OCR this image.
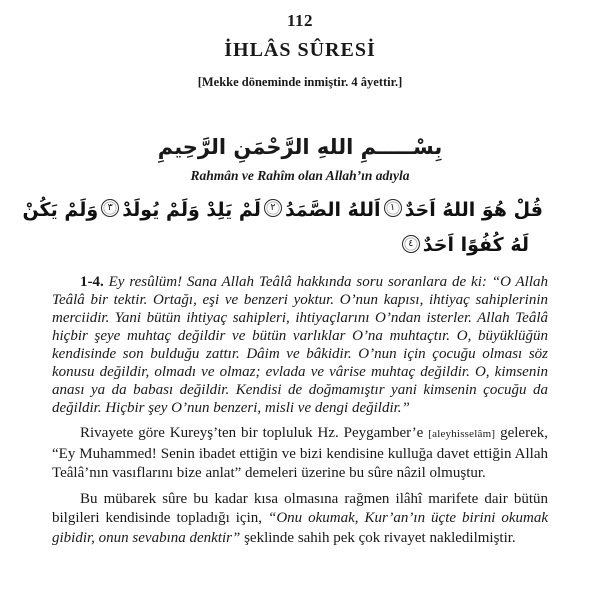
112
İHLÂS SÛRESİ
[Mekke döneminde inmiştir. 4 âyettir.]
بِسْـــــمِ اللهِ الرَّحْمَنِ الرَّحِيمِ
Rahmân ve Rahîm olan Allah’ın adıyla
قُلْ هُوَ اللهُ اَحَدٌ
١
اَللهُ الصَّمَدُ
٢
لَمْ يَلِدْ وَلَمْ يُولَدْ
٣
وَلَمْ يَكُنْ
لَهُ كُفُوًا اَحَدٌ٤

1-4. Ey resûlüm! Sana Allah Teâlâ hakkında soru soranlara de ki: “O Allah Teâlâ bir tektir. Ortağı, eşi ve benzeri yoktur. O’nun kapısı, ihtiyaç sahiplerinin merciidir. Yani bütün ihtiyaç sahipleri, ihtiyaçlarını O’ndan isterler. Allah Teâlâ hiçbir şeye muhtaç değildir ve bütün varlıklar O’na muhtaçtır. O, büyüklüğün kendisinde son bulduğu zattır. Dâim ve bâkidir. O’nun için çocuğu olması söz konusu değildir, olmadı ve olmaz; evlada ve vârise muhtaç değildir. O, kimsenin anası ya da babası değildir. Kendisi de doğmamıştır yani kimsenin çocuğu da değildir. Hiçbir şey O’nun benzeri, misli ve dengi değildir.”

Rivayete göre Kureyş’ten bir topluluk Hz. Peygamber’e [aleyhisselâm] gelerek, “Ey Muhammed! Senin ibadet ettiğin ve bizi kendisine kulluğa davet ettiğin Allah Teâlâ’nın vasıflarını bize anlat” demeleri üzerine bu sûre nâzil olmuştur.

Bu mübarek sûre bu kadar kısa olmasına rağmen ilâhî marifete dair bütün bilgileri kendisinde topladığı için, “Onu okumak, Kur’an’ın üçte birini okumak gibidir, onun sevabına denktir” şeklinde sahih pek çok rivayet nakledilmiştir.
